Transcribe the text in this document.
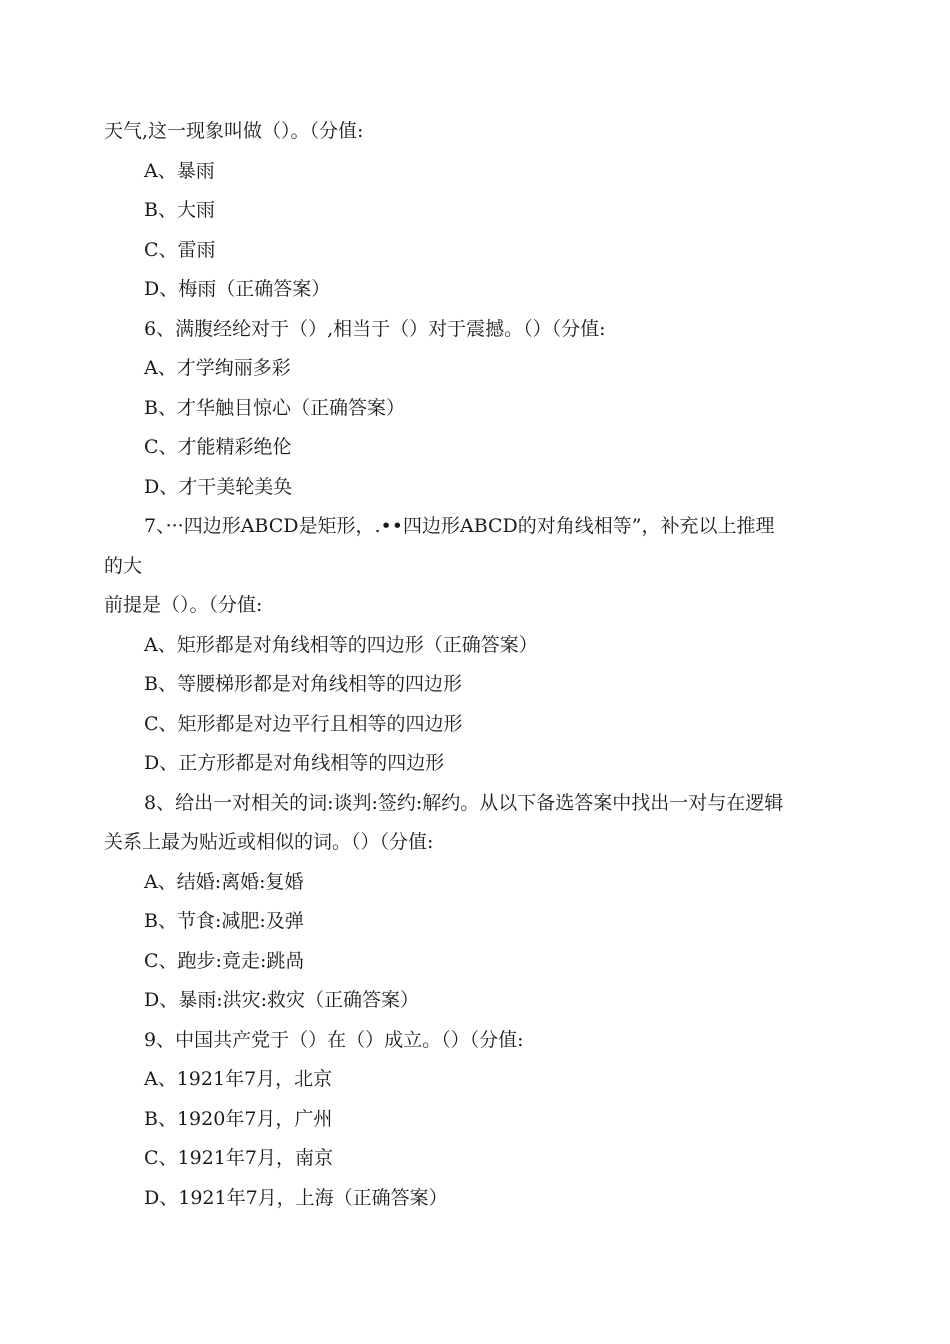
天气,这一现象叫做（）。（分值:
A、暴雨
B、大雨
C、雷雨
D、梅雨（正确答案）
6、满腹经纶对于（）,相当于（）对于震撼。（）（分值:
A、才学绚丽多彩
B、才华触目惊心（正确答案）
C、才能精彩绝伦
D、才干美轮美奂
7、···四边形ABCD是矩形，.••四边形ABCD的对角线相等”，补充以上推理
的大
前提是（）。（分值:
A、矩形都是对角线相等的四边形（正确答案）
B、等腰梯形都是对角线相等的四边形
C、矩形都是对边平行且相等的四边形
D、正方形都是对角线相等的四边形
8、给出一对相关的词:谈判:签约:解约。从以下备选答案中找出一对与在逻辑
关系上最为贴近或相似的词。（）（分值:
A、结婚:离婚:复婚
B、节食:减肥:及弹
C、跑步:竟走:跳咼
D、暴雨:洪灾:救灾（正确答案）
9、中国共产党于（）在（）成立。（）（分值:
A、1921年7月，北京
B、1920年7月，广州
C、1921年7月，南京
D、1921年7月，上海（正确答案）
